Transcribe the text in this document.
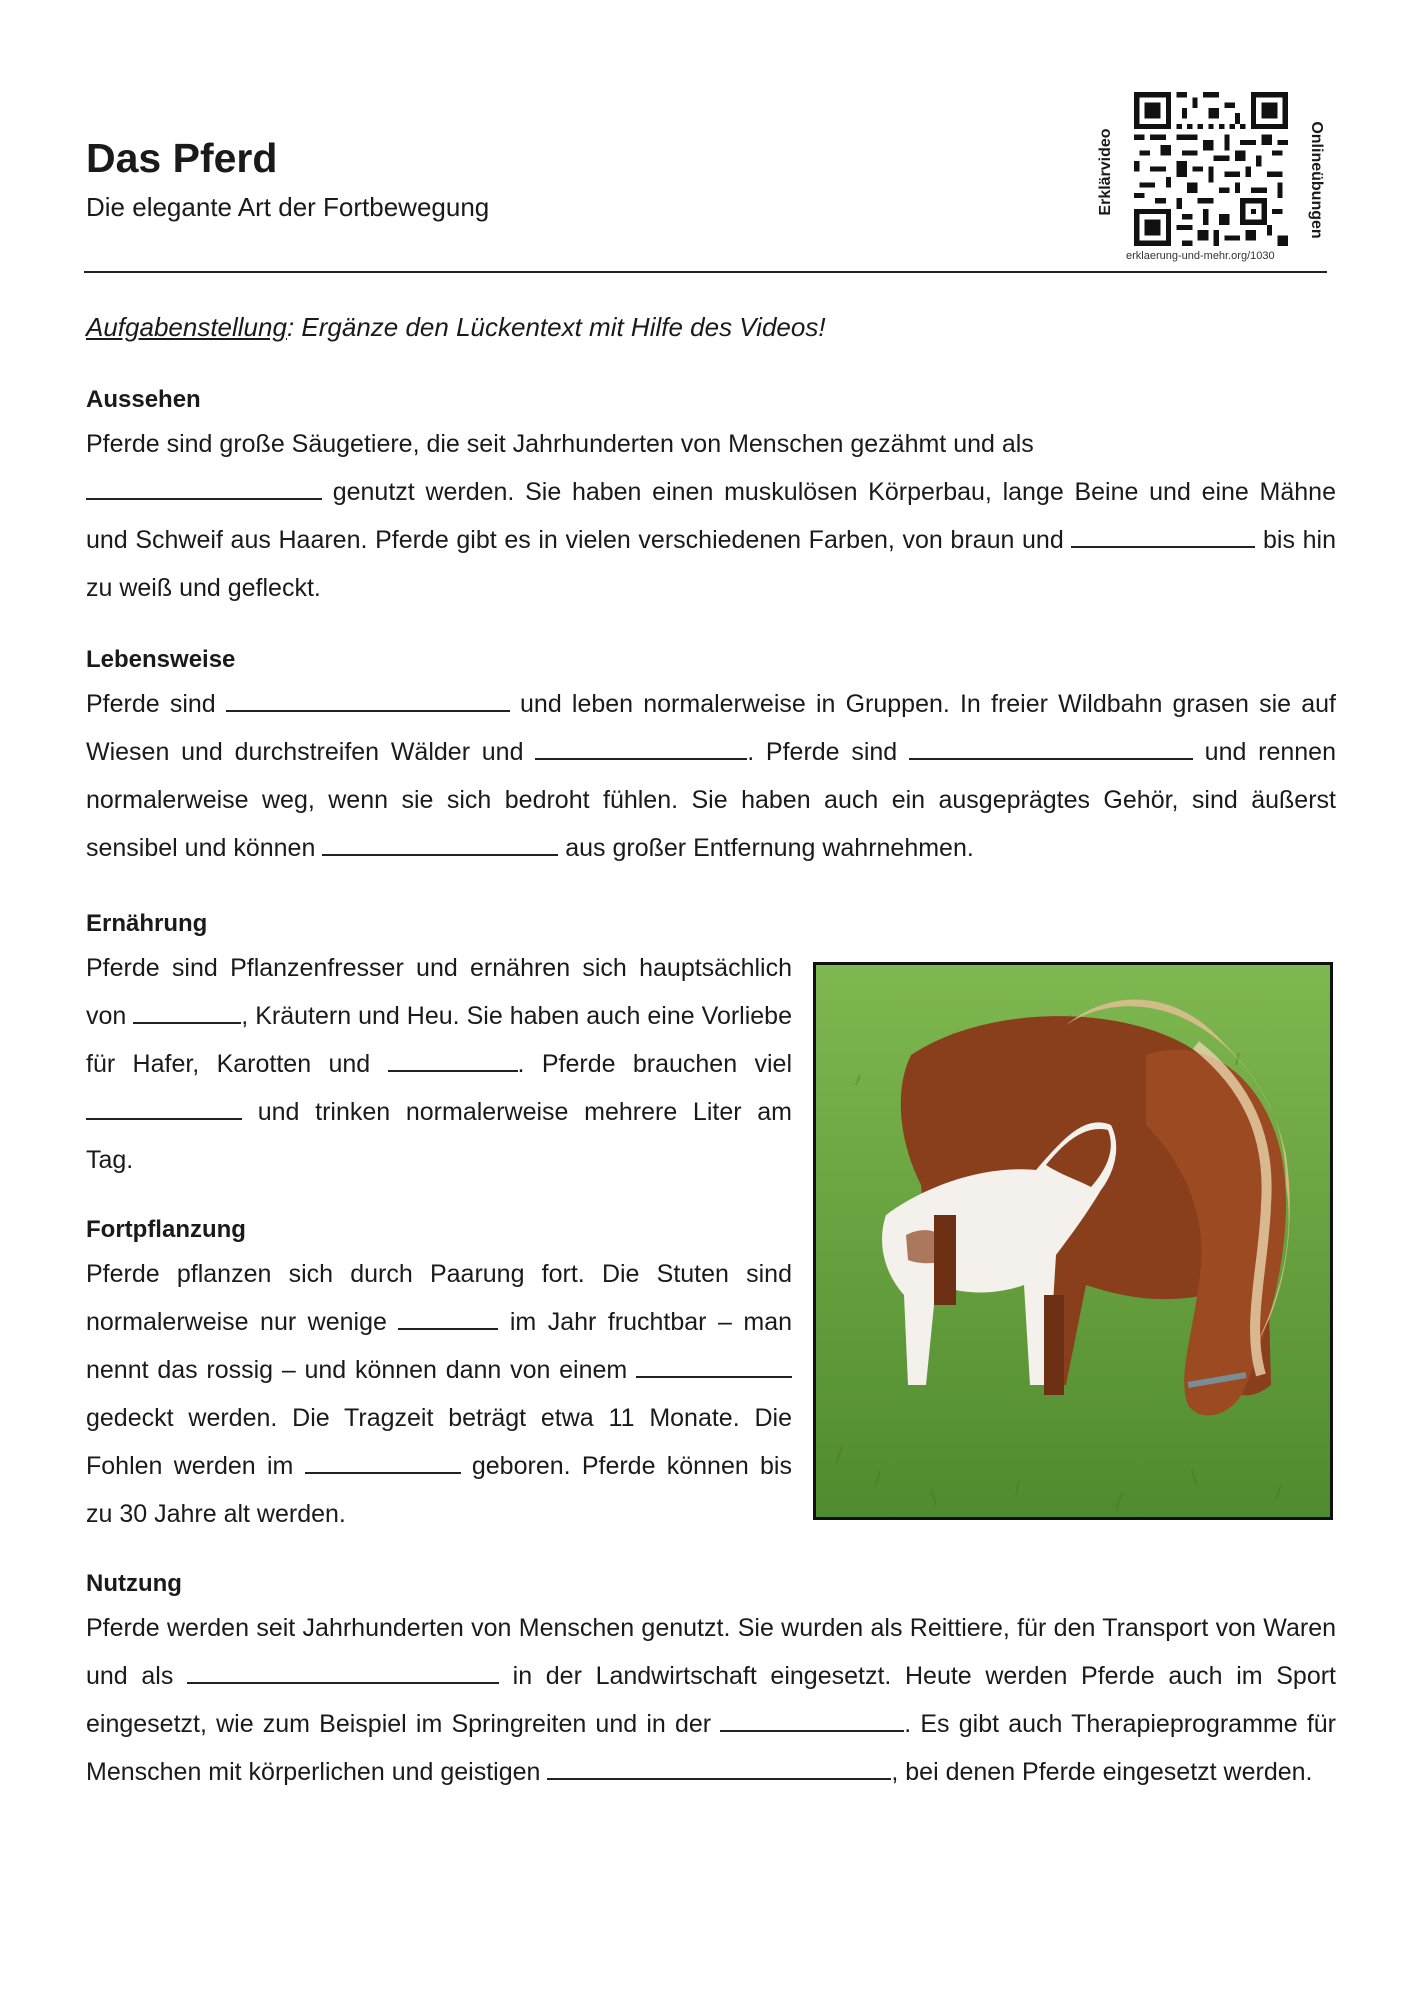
Das Pferd
Die elegante Art der Fortbewegung	Erklärvideo	Onlineübungen
erklaerung-und-mehr.org/1030
Aufgabenstellung: Ergänze den Lückentext mit Hilfe des Videos!
Aussehen

Pferde sind große Säugetiere, die seit Jahrhunderten von Menschen gezähmt und als
genutzt werden. Sie haben einen muskulösen Körperbau, lange Beine und eine Mähne und Schweif aus Haaren. Pferde gibt es in vielen verschiedenen Farben, von braun und	bis hin zu weiß und gefleckt.

Lebensweise

Pferde sind	und leben normalerweise in Gruppen. In freier Wildbahn grasen sie auf Wiesen und durchstreifen Wälder und	. Pferde sind	und rennen normalerweise weg, wenn sie sich bedroht fühlen. Sie haben auch ein ausgeprägtes Gehör, sind äußerst sensibel und können	aus großer Entfernung wahrnehmen.

Ernährung

Pferde sind Pflanzenfresser und ernähren sich hauptsächlich von	, Kräutern und Heu. Sie haben auch eine Vorliebe für Hafer, Karotten und	. Pferde brauchen viel  und trinken normalerweise mehrere Liter am Tag.

Fortpflanzung

Pferde pflanzen sich durch Paarung fort. Die Stuten sind normalerweise nur wenige	im Jahr fruchtbar – man nennt das rossig – und können dann von einem  gedeckt werden. Die Tragzeit beträgt etwa 11 Monate. Die Fohlen werden im	geboren. Pferde können bis zu 30 Jahre alt werden.

Nutzung

Pferde werden seit Jahrhunderten von Menschen genutzt. Sie wurden als Reittiere, für den Transport von Waren und als	in der Landwirtschaft eingesetzt. Heute werden Pferde auch im Sport eingesetzt, wie zum Beispiel im Springreiten und in der	. Es gibt auch Therapieprogramme für Menschen mit körperlichen und geistigen	, bei denen Pferde eingesetzt werden.
